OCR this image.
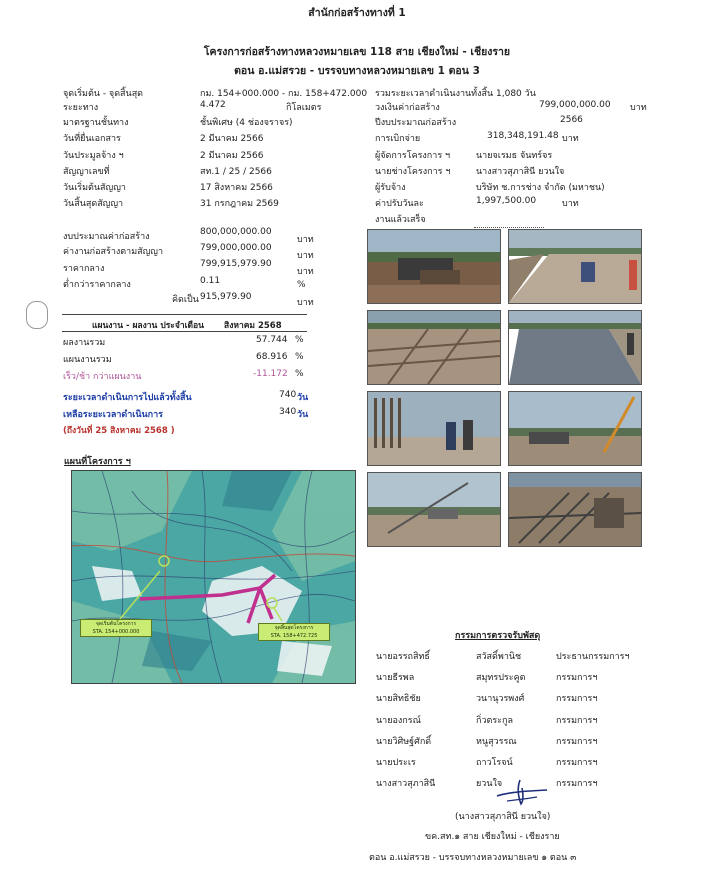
สำนักก่อสร้างทางที่ 1
โครงการก่อสร้างทางหลวงหมายเลข 118 สาย เชียงใหม่ - เชียงราย
ตอน อ.แม่สรวย - บรรจบทางหลวงหมายเลข 1 ตอน 3
จุดเริ่มต้น - จุดสิ้นสุด	กม. 154+000.000 - กม. 158+472.000
ระยะทาง	4.472	กิโลเมตร
มาตรฐานชั้นทาง	ชั้นพิเศษ (4 ช่องจราจร)
วันที่ยื่นเอกสาร	2 มีนาคม 2566
วันประมูลจ้าง ฯ	2 มีนาคม 2566
สัญญาเลขที่	สท.1 / 25 / 2566
วันเริ่มต้นสัญญา	17 สิงหาคม 2566
วันสิ้นสุดสัญญา	31 กรกฎาคม 2569
รวมระยะเวลาดำเนินงานทั้งสิ้น 1,080 วัน
วงเงินค่าก่อสร้าง	799,000,000.00 บาท
ปีงบประมาณก่อสร้าง	2566
การเบิกจ่าย	318,348,191.48 บาท
ผู้จัดการโครงการ ฯ	นายจเรมธ จันทร์จร
นายช่างโครงการ ฯ	นางสาวสุภาสินี ยวนใจ
ผู้รับจ้าง	บริษัท ช.การช่าง จำกัด (มหาชน)
ค่าปรับวันละ	1,997,500.00	บาท
งานแล้วเสร็จ
งบประมาณค่าก่อสร้าง	800,000,000.00
บาท
ค่างานก่อสร้างตามสัญญา	799,000,000.00
บาท
ราคากลาง	799,915,979.90
บาท
ต่ำกว่าราคากลาง	0.11	%
คิดเป็น 915,979.90
บาท
แผนงาน - ผลงาน ประจำเดือน สิงหาคม 2568
ผลงานรวม	57.744 %
แผนงานรวม	68.916 %
เร็ว/ช้า กว่าแผนงาน	-11.172 %
ระยะเวลาดำเนินการไปแล้วทั้งสิ้น	740 วัน
เหลือระยะเวลาดำเนินการ	340 วัน
(ถึงวันที่ 25 สิงหาคม 2568 )
แผนที่โครงการ ฯ
จุดเริ่มต้นโครงการ
STA. 154+000.000
จุดสิ้นสุดโครงการ
STA. 158+472.725	กรรมการตรวจรับพัสดุ
นายอรรถสิทธิ์	สวัสดิ์พานิช	ประธานกรรมการฯ
นายธีรพล	สมุทรประคูต	กรรมการฯ
นายสิทธิชัย	วนานุวรพงศ์	กรรมการฯ
นายองกรณ์	กิ่วตระกูล	กรรมการฯ
นายวิศิษฐ์ศักดิ์	หนูสุวรรณ	กรรมการฯ
นายประเร	ถาวโรจน์	กรรมการฯ
นางสาวสุภาสินี	ยวนใจ	กรรมการฯ
(นางสาวสุภาสินี ยวนใจ)
ขค.สท.๑ สาย เชียงใหม่ - เชียงราย
ตอน อ.แม่สรวย - บรรจบทางหลวงหมายเลข ๑ ตอน ๓
